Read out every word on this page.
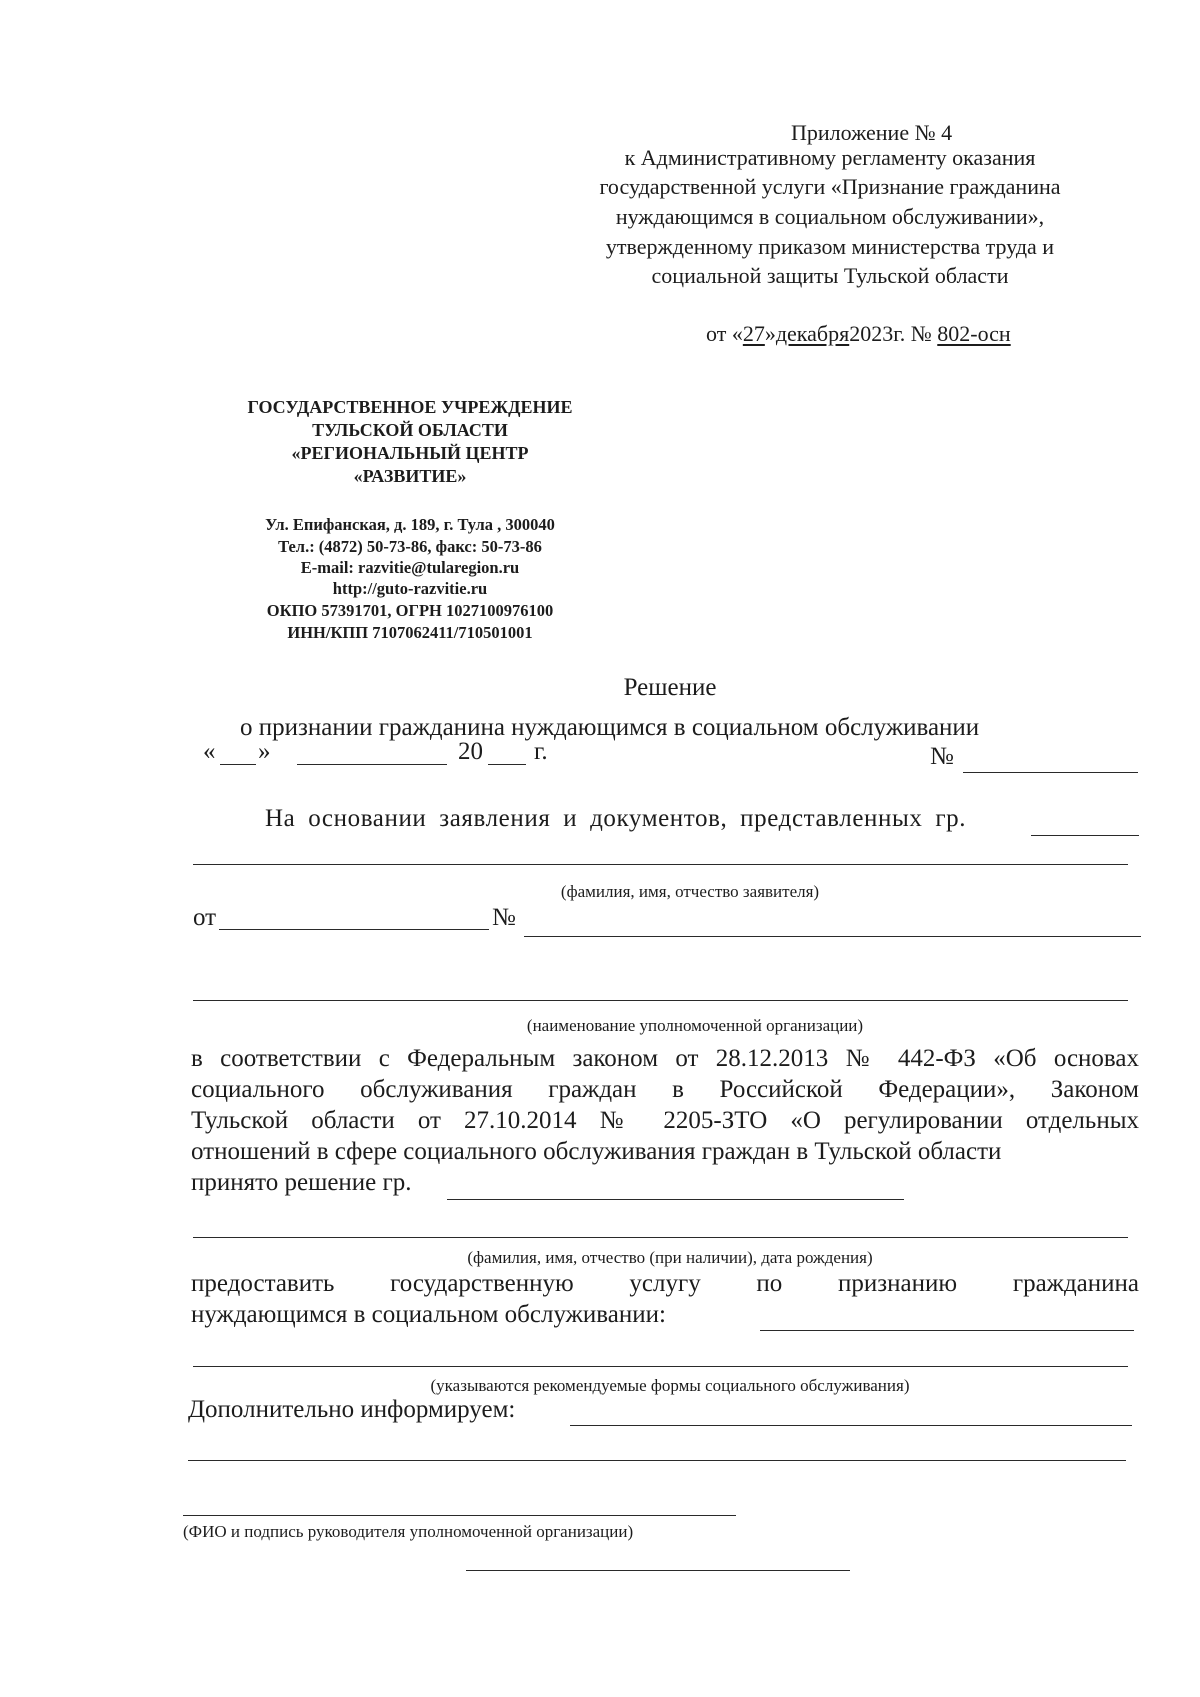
Приложение № 4
к Административному регламенту оказания
государственной услуги «Признание гражданина
нуждающимся в социальном обслуживании»,
утвержденному приказом министерства труда и
социальной защиты Тульской области
от «27»декабря2023г. № 802-осн
ГОСУДАРСТВЕННОЕ УЧРЕЖДЕНИЕ
ТУЛЬСКОЙ ОБЛАСТИ
«РЕГИОНАЛЬНЫЙ ЦЕНТР
«РАЗВИТИЕ»
Ул. Епифанская, д. 189, г. Тула , 300040
Тел.: (4872) 50-73-86, факс: 50-73-86
E-mail: razvitie@tularegion.ru
http://guto-razvitie.ru
ОКПО 57391701, ОГРН 1027100976100
ИНН/КПП 7107062411/710501001
Решение
о признании гражданина нуждающимся в социальном обслуживании
« »	20 г.	№
На основании заявления и документов, представленных гр.
(фамилия, имя, отчество заявителя)
от	№
(наименование уполномоченной организации)
в соответствии с Федеральным законом от 28.12.2013 № 442-ФЗ «Об основах
социального обслуживания граждан в Российской Федерации», Законом
Тульской области от 27.10.2014 № 2205-ЗТО «О регулировании отдельных
отношений в сфере социального обслуживания граждан в Тульской области
принято решение гр.
(фамилия, имя, отчество (при наличии), дата рождения)
предоставить государственную услугу по признанию гражданина
нуждающимся в социальном обслуживании:
(указываются рекомендуемые формы социального обслуживания)
Дополнительно информируем:
(ФИО и подпись руководителя уполномоченной организации)
